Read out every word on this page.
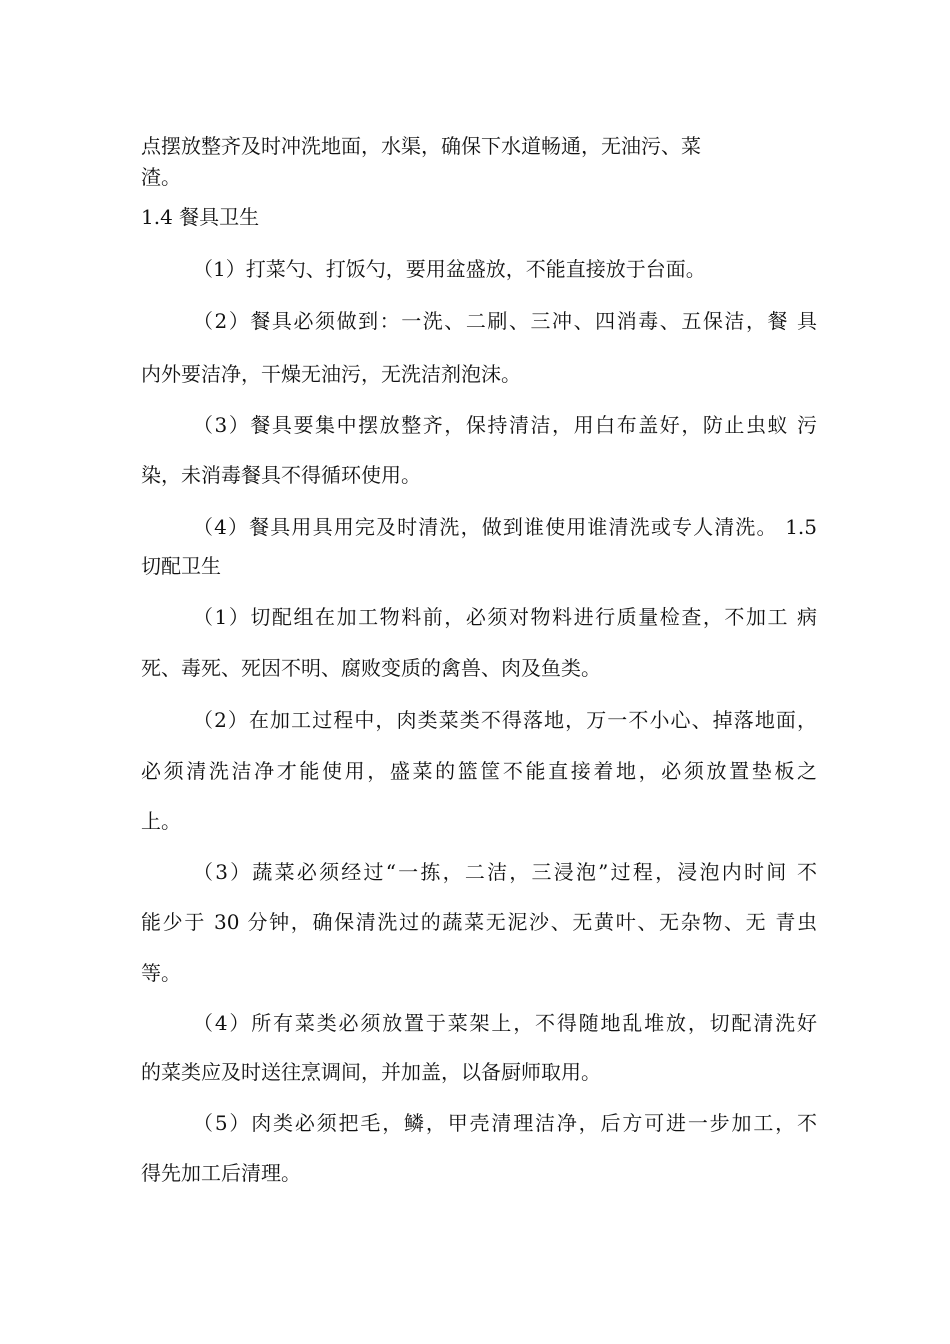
点摆放整齐及时冲洗地面，水渠，确保下水道畅通，无油污、菜
渣。
1.4 餐具卫生
（1）打菜勺、打饭勺，要用盆盛放，不能直接放于台面。
（2）餐具必须做到：一洗、二刷、三冲、四消毒、五保洁，餐 具
内外要洁净，干燥无油污，无洗洁剂泡沫。
（3）餐具要集中摆放整齐，保持清洁，用白布盖好，防止虫蚁 污
染，未消毒餐具不得循环使用。
（4）餐具用具用完及时清洗，做到谁使用谁清洗或专人清洗。 1.5
切配卫生
（1）切配组在加工物料前，必须对物料进行质量检查，不加工 病
死、毒死、死因不明、腐败变质的禽兽、肉及鱼类。
（2）在加工过程中，肉类菜类不得落地，万一不小心、掉落地面，
必须清洗洁净才能使用，盛菜的篮筐不能直接着地，必须放置垫板之
上。
（3）蔬菜必须经过“一拣，二洁，三浸泡”过程，浸泡内时间 不
能少于 30 分钟，确保清洗过的蔬菜无泥沙、无黄叶、无杂物、无 青虫
等。
（4）所有菜类必须放置于菜架上，不得随地乱堆放，切配清洗好
的菜类应及时送往烹调间，并加盖，以备厨师取用。
（5）肉类必须把毛，鳞，甲壳清理洁净，后方可进一步加工，不
得先加工后清理。
